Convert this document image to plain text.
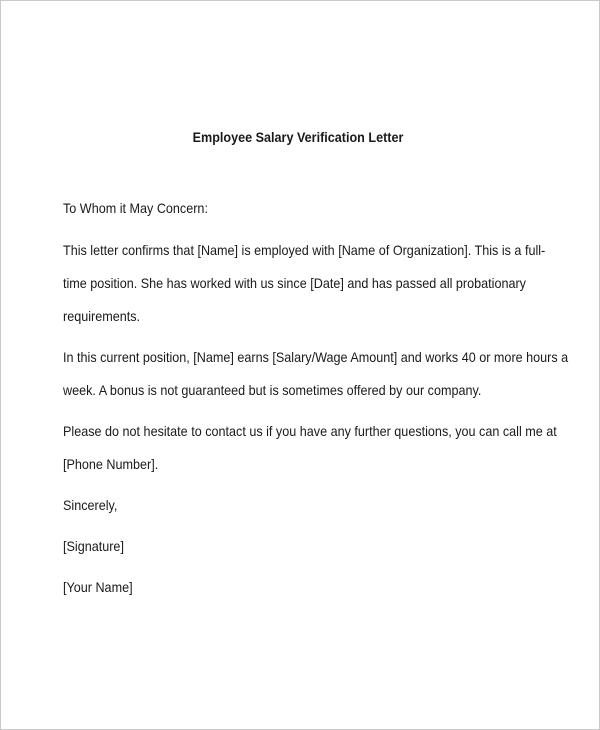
Employee Salary Verification Letter

To Whom it May Concern:

This letter confirms that [Name] is employed with [Name of Organization]. This is a full-

time position. She has worked with us since [Date] and has passed all probationary

requirements.

In this current position, [Name] earns [Salary/Wage Amount] and works 40 or more hours a

week. A bonus is not guaranteed but is sometimes offered by our company.

Please do not hesitate to contact us if you have any further questions, you can call me at

[Phone Number].

Sincerely,

[Signature]

[Your Name]
